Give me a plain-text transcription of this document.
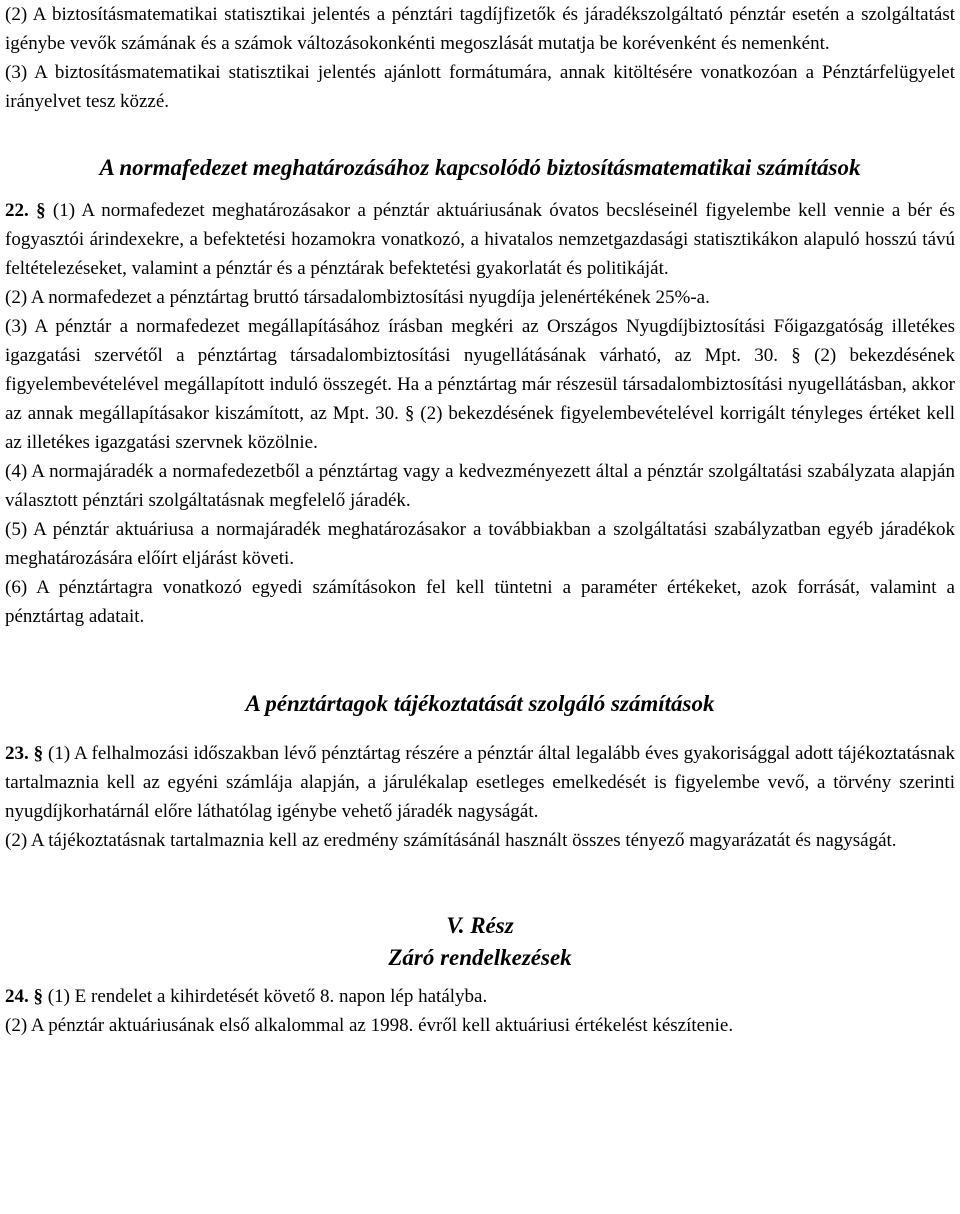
(2) A biztosításmatematikai statisztikai jelentés a pénztári tagdíjfizetők és járadékszolgáltató pénztár esetén a szolgáltatást igénybe vevők számának és a számok változásokonkénti megoszlását mutatja be korévenként és nemenként.

(3) A biztosításmatematikai statisztikai jelentés ajánlott formátumára, annak kitöltésére vonatkozóan a Pénztárfelügyelet irányelvet tesz közzé.

A normafedezet meghatározásához kapcsolódó biztosításmatematikai számítások

22. § (1) A normafedezet meghatározásakor a pénztár aktuáriusának óvatos becsléseinél figyelembe kell vennie a bér és fogyasztói árindexekre, a befektetési hozamokra vonatkozó, a hivatalos nemzetgazdasági statisztikákon alapuló hosszú távú feltételezéseket, valamint a pénztár és a pénztárak befektetési gyakorlatát és politikáját.

(2) A normafedezet a pénztártag bruttó társadalombiztosítási nyugdíja jelenértékének 25%-a.

(3) A pénztár a normafedezet megállapításához írásban megkéri az Országos Nyugdíjbiztosítási Főigazgatóság illetékes igazgatási szervétől a pénztártag társadalombiztosítási nyugellátásának várható, az Mpt. 30. § (2) bekezdésének figyelembevételével megállapított induló összegét. Ha a pénztártag már részesül társadalombiztosítási nyugellátásban, akkor az annak megállapításakor kiszámított, az Mpt. 30. § (2) bekezdésének figyelembevételével korrigált tényleges értéket kell az illetékes igazgatási szervnek közölnie.

(4) A normajáradék a normafedezetből a pénztártag vagy a kedvezményezett által a pénztár szolgáltatási szabályzata alapján választott pénztári szolgáltatásnak megfelelő járadék.

(5) A pénztár aktuáriusa a normajáradék meghatározásakor a továbbiakban a szolgáltatási szabályzatban egyéb járadékok meghatározására előírt eljárást követi.

(6) A pénztártagra vonatkozó egyedi számításokon fel kell tüntetni a paraméter értékeket, azok forrását, valamint a pénztártag adatait.

A pénztártagok tájékoztatását szolgáló számítások

23. § (1) A felhalmozási időszakban lévő pénztártag részére a pénztár által legalább éves gyakorisággal adott tájékoztatásnak tartalmaznia kell az egyéni számlája alapján, a járulékalap esetleges emelkedését is figyelembe vevő, a törvény szerinti nyugdíjkorhatárnál előre láthatólag igénybe vehető járadék nagyságát.

(2) A tájékoztatásnak tartalmaznia kell az eredmény számításánál használt összes tényező magyarázatát és nagyságát.

V. Rész
Záró rendelkezések

24. § (1) E rendelet a kihirdetését követő 8. napon lép hatályba.

(2) A pénztár aktuáriusának első alkalommal az 1998. évről kell aktuáriusi értékelést készítenie.
